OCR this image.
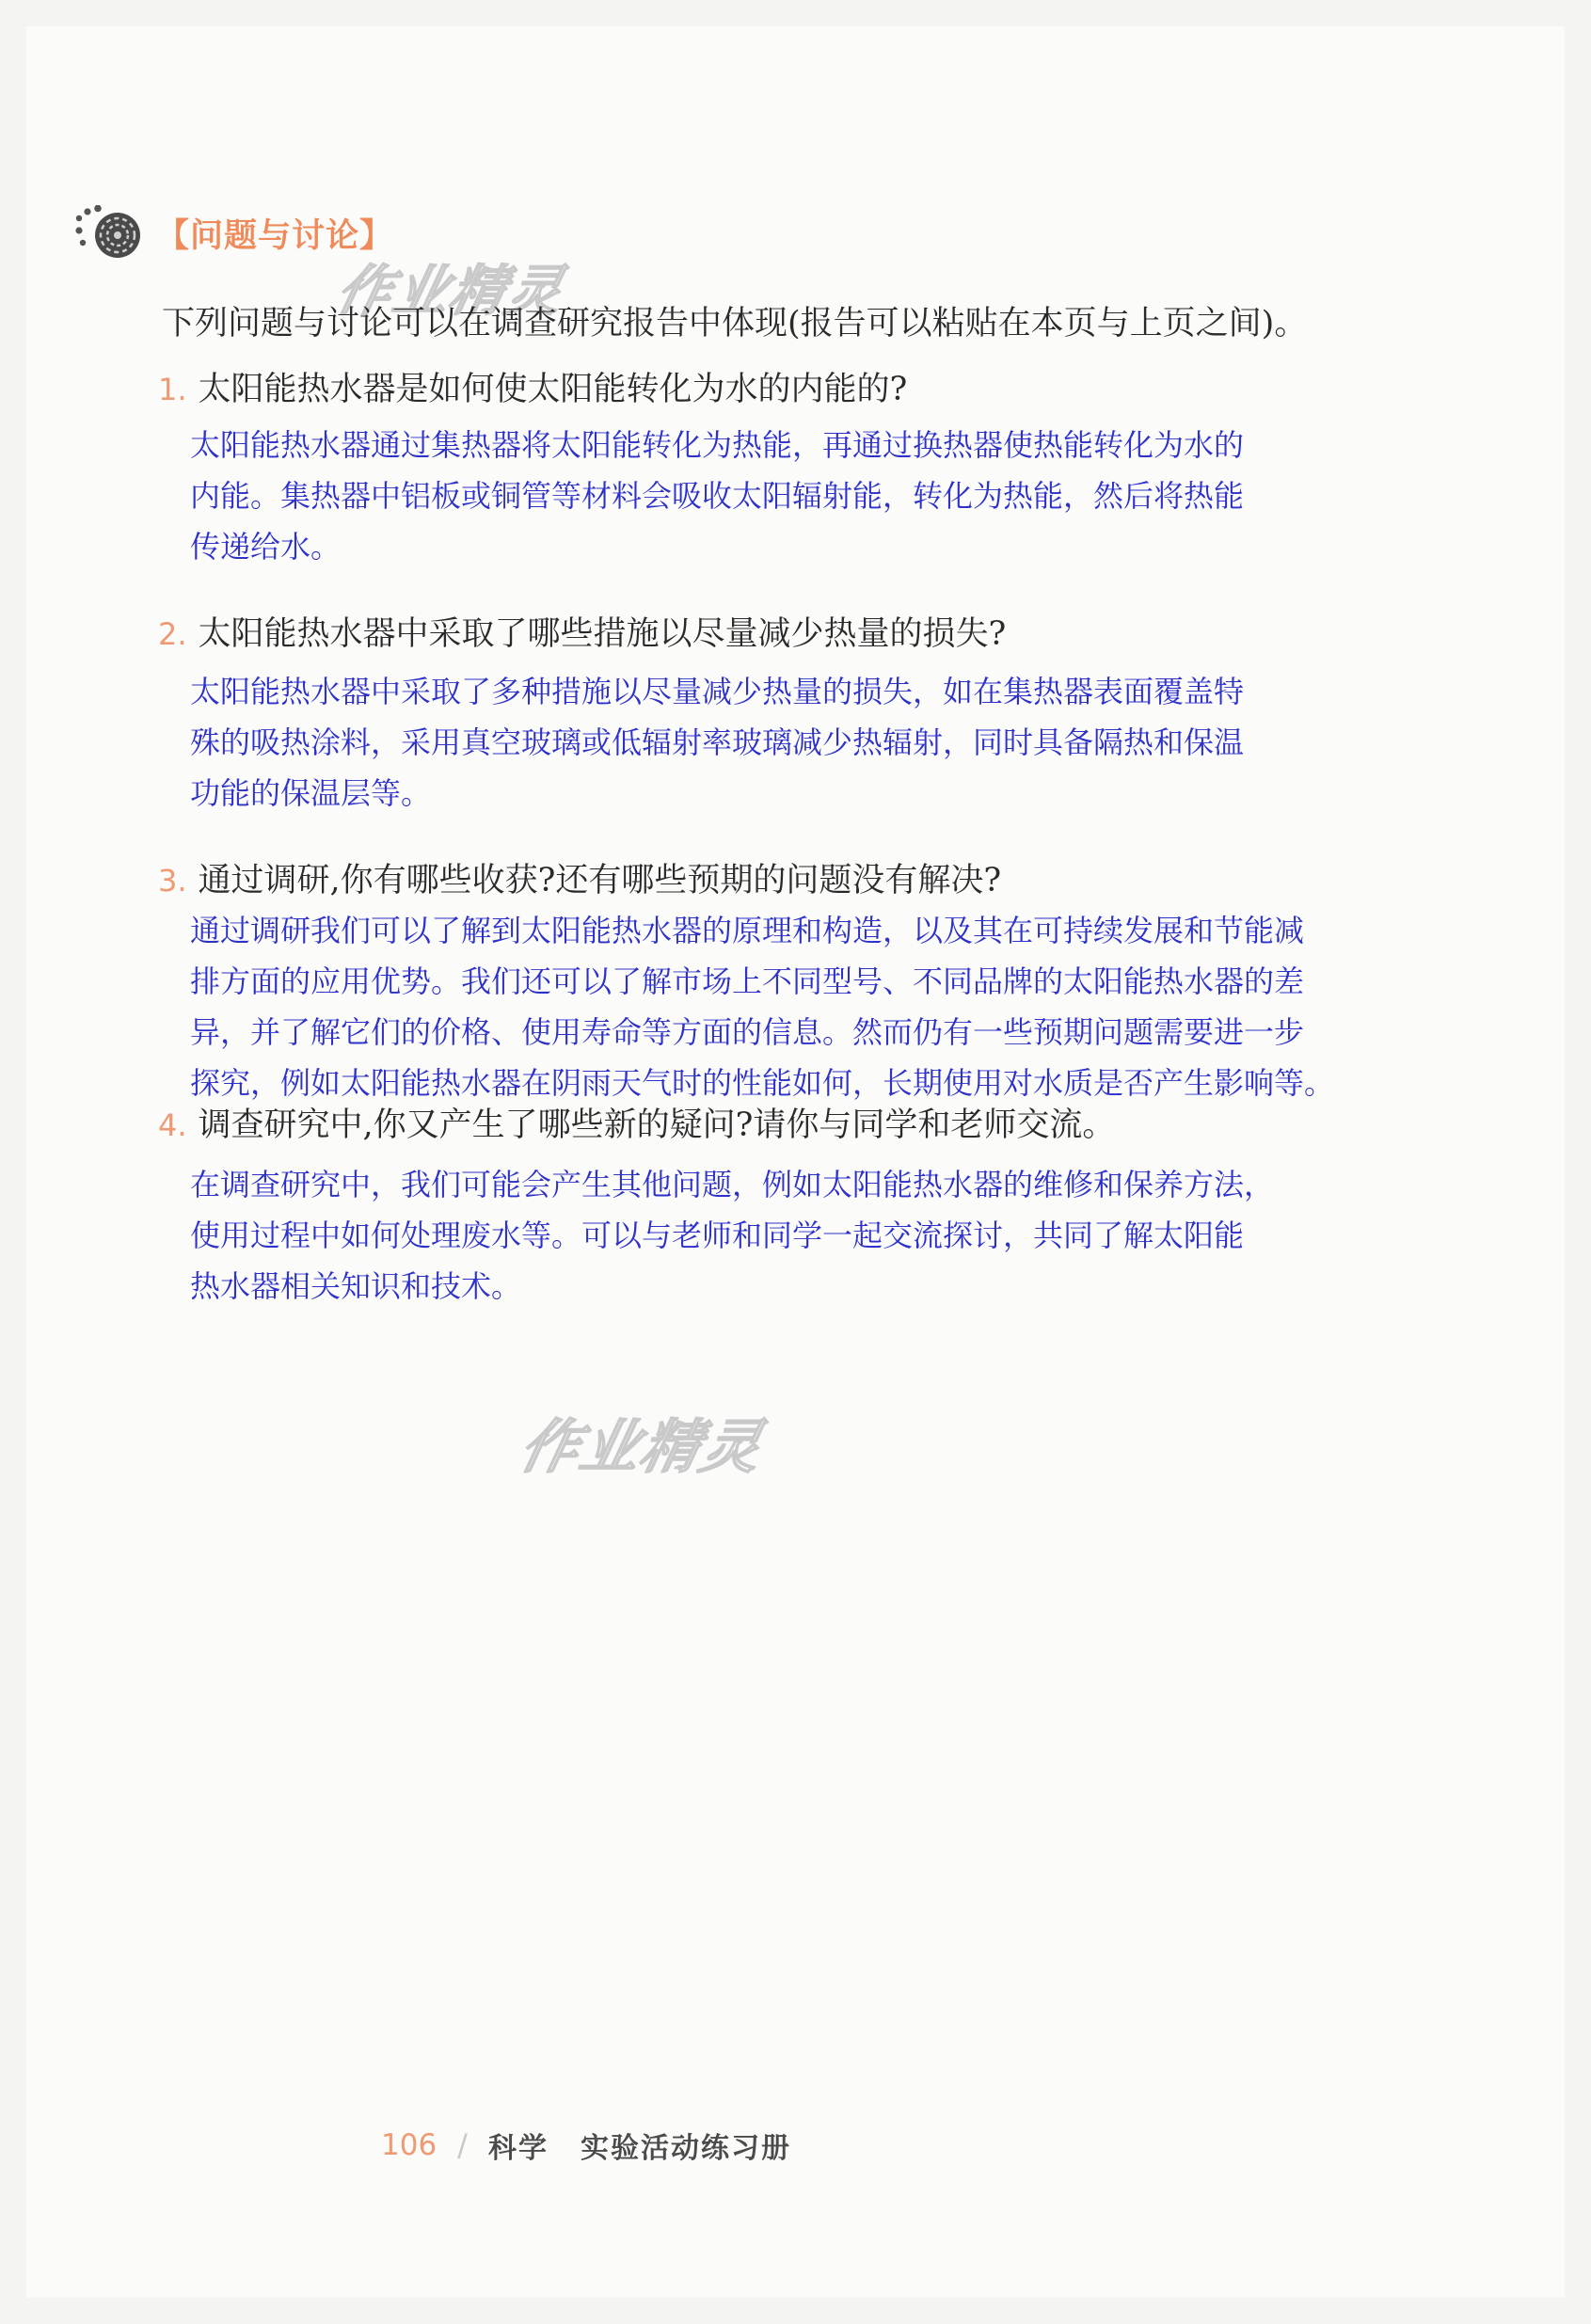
【问题与讨论】
作业精灵
下列问题与讨论可以在调查研究报告中体现(报告可以粘贴在本页与上页之间)。
1. 太阳能热水器是如何使太阳能转化为水的内能的?
太阳能热水器通过集热器将太阳能转化为热能，再通过换热器使热能转化为水的
内能。集热器中铝板或铜管等材料会吸收太阳辐射能，转化为热能，然后将热能
传递给水。
2. 太阳能热水器中采取了哪些措施以尽量减少热量的损失?
太阳能热水器中采取了多种措施以尽量减少热量的损失，如在集热器表面覆盖特
殊的吸热涂料，采用真空玻璃或低辐射率玻璃减少热辐射，同时具备隔热和保温
功能的保温层等。
3. 通过调研,你有哪些收获?还有哪些预期的问题没有解决?
通过调研我们可以了解到太阳能热水器的原理和构造，以及其在可持续发展和节能减
排方面的应用优势。我们还可以了解市场上不同型号、不同品牌的太阳能热水器的差
异，并了解它们的价格、使用寿命等方面的信息。然而仍有一些预期问题需要进一步
探究，例如太阳能热水器在阴雨天气时的性能如何，长期使用对水质是否产生影响等。
4. 调查研究中,你又产生了哪些新的疑问?请你与同学和老师交流。
在调查研究中，我们可能会产生其他问题，例如太阳能热水器的维修和保养方法，
使用过程中如何处理废水等。可以与老师和同学一起交流探讨，共同了解太阳能
热水器相关知识和技术。
作业精灵
106 / 科学 实验活动练习册
